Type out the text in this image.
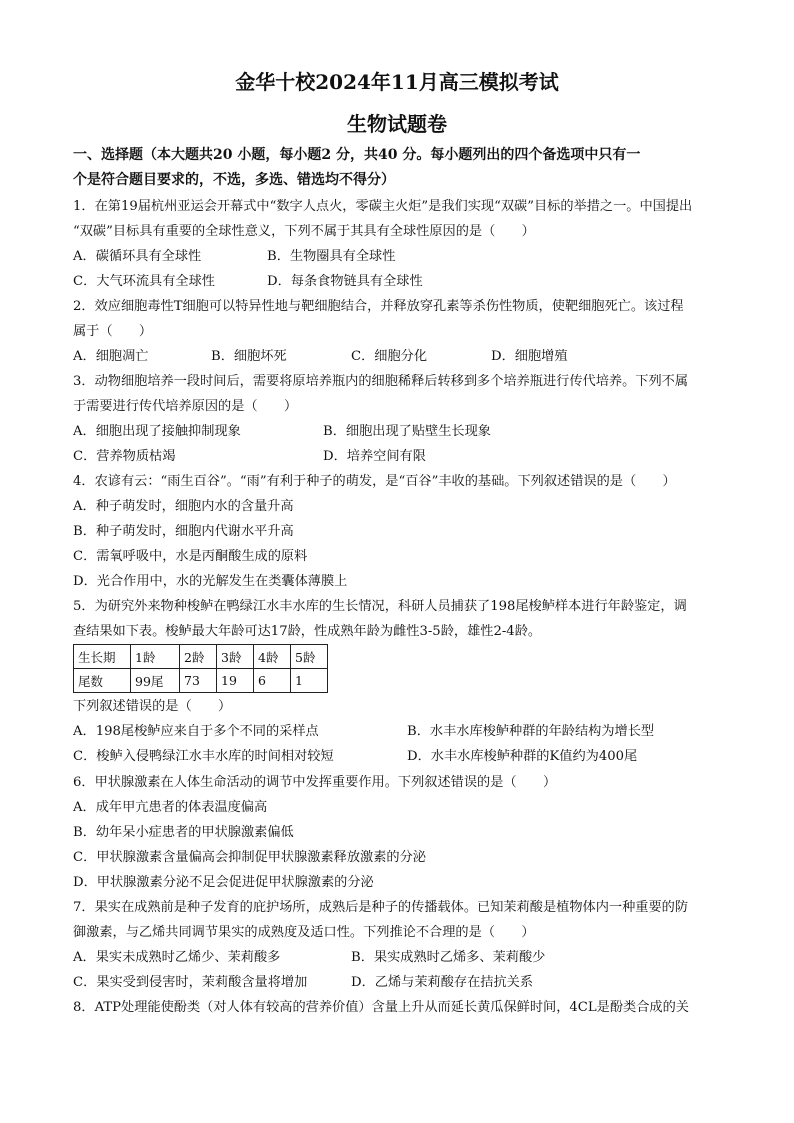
金华十校2024年11月高三模拟考试
生物试题卷
一、选择题（本大题共20 小题，每小题2 分，共40 分。每小题列出的四个备选项中只有一
个是符合题目要求的，不选，多选、错选均不得分）
1．在第19届杭州亚运会开幕式中“数字人点火，零碳主火炬”是我们实现“双碳”目标的举措之一。中国提出
“双碳”目标具有重要的全球性意义，下列不属于其具有全球性原因的是（　　）
A．碳循环具有全球性	B．生物圈具有全球性
C．大气环流具有全球性	D．每条食物链具有全球性
2．效应细胞毒性T细胞可以特异性地与靶细胞结合，并释放穿孔素等杀伤性物质，使靶细胞死亡。该过程
属于（　　）
A．细胞凋亡	B．细胞坏死	C．细胞分化	D．细胞增殖
3．动物细胞培养一段时间后，需要将原培养瓶内的细胞稀释后转移到多个培养瓶进行传代培养。下列不属
于需要进行传代培养原因的是（　　）
A．细胞出现了接触抑制现象	B．细胞出现了贴壁生长现象
C．营养物质枯竭	D．培养空间有限
4．农谚有云：“雨生百谷”。“雨”有利于种子的萌发，是“百谷”丰收的基础。下列叙述错误的是（　　）
A．种子萌发时，细胞内水的含量升高
B．种子萌发时，细胞内代谢水平升高
C．需氧呼吸中，水是丙酮酸生成的原料
D．光合作用中，水的光解发生在类囊体薄膜上
5．为研究外来物种梭鲈在鸭绿江水丰水库的生长情况，科研人员捕获了198尾梭鲈样本进行年龄鉴定，调
查结果如下表。梭鲈最大年龄可达17龄，性成熟年龄为雌性3-5龄，雄性2-4龄。
生长期	1龄	2龄	3龄	4龄	5龄
尾数	99尾	73	19	6	1
下列叙述错误的是（　　）
A．198尾梭鲈应来自于多个不同的采样点	B．水丰水库梭鲈种群的年龄结构为增长型
C．梭鲈入侵鸭绿江水丰水库的时间相对较短	D．水丰水库梭鲈种群的K值约为400尾
6．甲状腺激素在人体生命活动的调节中发挥重要作用。下列叙述错误的是（　　）
A．成年甲亢患者的体表温度偏高
B．幼年呆小症患者的甲状腺激素偏低
C．甲状腺激素含量偏高会抑制促甲状腺激素释放激素的分泌
D．甲状腺激素分泌不足会促进促甲状腺激素的分泌
7．果实在成熟前是种子发育的庇护场所，成熟后是种子的传播载体。已知茉莉酸是植物体内一种重要的防
御激素，与乙烯共同调节果实的成熟度及适口性。下列推论不合理的是（　　）
A．果实未成熟时乙烯少、茉莉酸多	B．果实成熟时乙烯多、茉莉酸少
C．果实受到侵害时，茉莉酸含量将增加	D．乙烯与茉莉酸存在拮抗关系
8．ATP处理能使酚类（对人体有较高的营养价值）含量上升从而延长黄瓜保鲜时间，4CL是酚类合成的关
